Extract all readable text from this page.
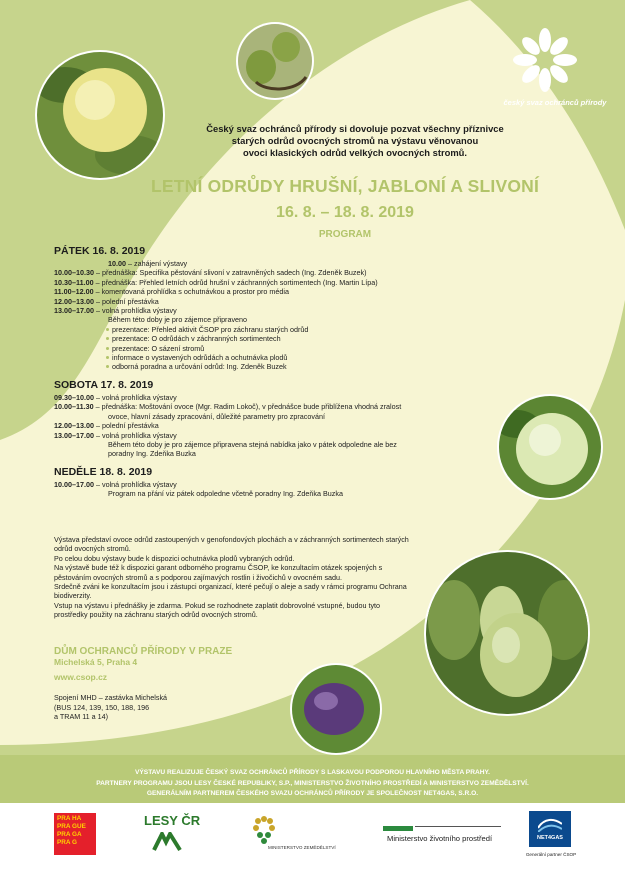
český svaz ochránců přírody
Český svaz ochránců přírody si dovoluje pozvat všechny příznivce
starých odrůd ovocných stromů na výstavu věnovanou
ovoci klasických odrůd velkých ovocných stromů.
LETNÍ ODRŮDY HRUŠNÍ, JABLONÍ A SLIVONÍ
16. 8. – 18. 8. 2019
PROGRAM
PÁTEK 16. 8. 2019
10.00 – zahájení výstavy
10.00–10.30 – přednáška: Specifika pěstování slivoní v zatravněných sadech (Ing. Zdeněk Buzek)
10.30–11.00 – přednáška: Přehled letních odrůd hrušní v záchranných sortimentech (Ing. Martin Lípa)
11.00–12.00 – komentovaná prohlídka s ochutnávkou a prostor pro média
12.00–13.00 – polední přestávka
13.00–17.00 – volná prohlídka výstavy
Během této doby je pro zájemce připraveno
prezentace: Přehled aktivit ČSOP pro záchranu starých odrůd
prezentace: O odrůdách v záchranných sortimentech
prezentace: O sázení stromů
informace o vystavených odrůdách a ochutnávka plodů
odborná poradna a určování odrůd: Ing. Zdeněk Buzek
SOBOTA 17. 8. 2019
09.30–10.00 – volná prohlídka výstavy
10.00–11.30 – přednáška: Moštování ovoce (Mgr. Radim Lokoč), v přednášce bude přiblížena vhodná zralost
ovoce, hlavní zásady zpracování, důležité parametry pro zpracování
12.00–13.00 – polední přestávka
13.00–17.00 – volná prohlídka výstavy
Během této doby je pro zájemce připravena stejná nabídka jako v pátek odpoledne ale bez
poradny Ing. Zdeňka Buzka
NEDĚLE 18. 8. 2019
10.00–17.00 – volná prohlídka výstavy
Program na přání viz pátek odpoledne včetně poradny Ing. Zdeňka Buzka

Výstava představí ovoce odrůd zastoupených v genofondových plochách a v záchranných sortimentech starých odrůd ovocných stromů.

Po celou dobu výstavy bude k dispozici ochutnávka plodů vybraných odrůd.

Na výstavě bude též k dispozici garant odborného programu ČSOP, ke konzultacím otázek spojených s pěstováním ovocných stromů a s podporou zajímavých rostlin i živočichů v ovocném sadu.

Srdečně zváni ke konzultacím jsou i zástupci organizací, které pečují o aleje a sady v rámci programu Ochrana biodiverzity.

Vstup na výstavu i přednášky je zdarma. Pokud se rozhodnete zaplatit dobrovolné vstupné, budou tyto prostředky použity na záchranu starých odrůd ovocných stromů.

DŮM OCHRANCŮ PŘÍRODY V PRAZE
Michelská 5, Praha 4
www.csop.cz
Spojení MHD – zastávka Michelská
(BUS 124, 139, 150, 188, 196
a TRAM 11 a 14)
VÝSTAVU REALIZUJE ČESKÝ SVAZ OCHRÁNCŮ PŘÍRODY S LASKAVOU PODPOROU HLAVNÍHO MĚSTA PRAHY.
PARTNERY PROGRAMU JSOU LESY ČESKÉ REPUBLIKY, S.P., MINISTERSTVO ŽIVOTNÍHO PROSTŘEDÍ A MINISTERSTVO ZEMĚDĚLSTVÍ.
GENERÁLNÍM PARTNEREM ČESKÉHO SVAZU OCHRÁNCŮ PŘÍRODY JE SPOLEČNOST NET4GAS, S.R.O.
PRA HA PRA GUE PRA GA PRA G
LESY ČR
MINISTERSTVO ZEMĚDĚLSTVÍ
Ministerstvo životního prostředí	NET4GAS
Generální partner ČSOP
